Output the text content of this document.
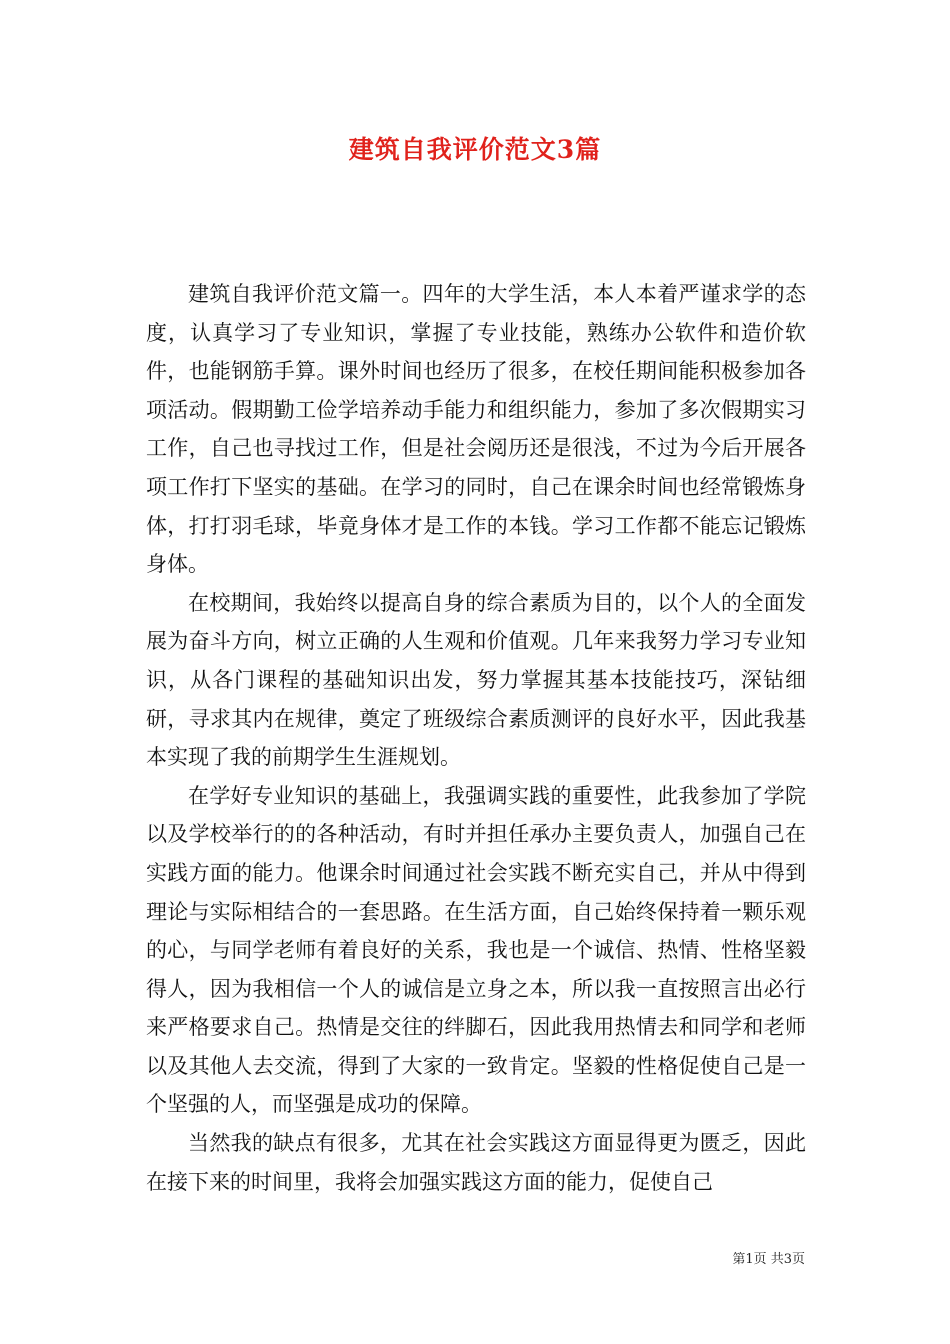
建筑自我评价范文3篇

建筑自我评价范文篇一。四年的大学生活，本人本着严谨求学的态度，认真学习了专业知识，掌握了专业技能，熟练办公软件和造价软件，也能钢筋手算。课外时间也经历了很多，在校任期间能积极参加各项活动。假期勤工俭学培养动手能力和组织能力，参加了多次假期实习工作，自己也寻找过工作，但是社会阅历还是很浅，不过为今后开展各项工作打下坚实的基础。在学习的同时，自己在课余时间也经常锻炼身体，打打羽毛球，毕竟身体才是工作的本钱。学习工作都不能忘记锻炼身体。

在校期间，我始终以提高自身的综合素质为目的，以个人的全面发展为奋斗方向，树立正确的人生观和价值观。几年来我努力学习专业知识，从各门课程的基础知识出发，努力掌握其基本技能技巧，深钻细研，寻求其内在规律，奠定了班级综合素质测评的良好水平，因此我基本实现了我的前期学生生涯规划。

在学好专业知识的基础上，我强调实践的重要性，此我参加了学院以及学校举行的的各种活动，有时并担任承办主要负责人，加强自己在实践方面的能力。他课余时间通过社会实践不断充实自己，并从中得到理论与实际相结合的一套思路。在生活方面，自己始终保持着一颗乐观的心，与同学老师有着良好的关系，我也是一个诚信、热情、性格坚毅得人，因为我相信一个人的诚信是立身之本，所以我一直按照言出必行来严格要求自己。热情是交往的绊脚石，因此我用热情去和同学和老师以及其他人去交流，得到了大家的一致肯定。坚毅的性格促使自己是一个坚强的人，而坚强是成功的保障。

当然我的缺点有很多，尤其在社会实践这方面显得更为匮乏，因此在接下来的时间里，我将会加强实践这方面的能力，促使自己

第1页 共3页
